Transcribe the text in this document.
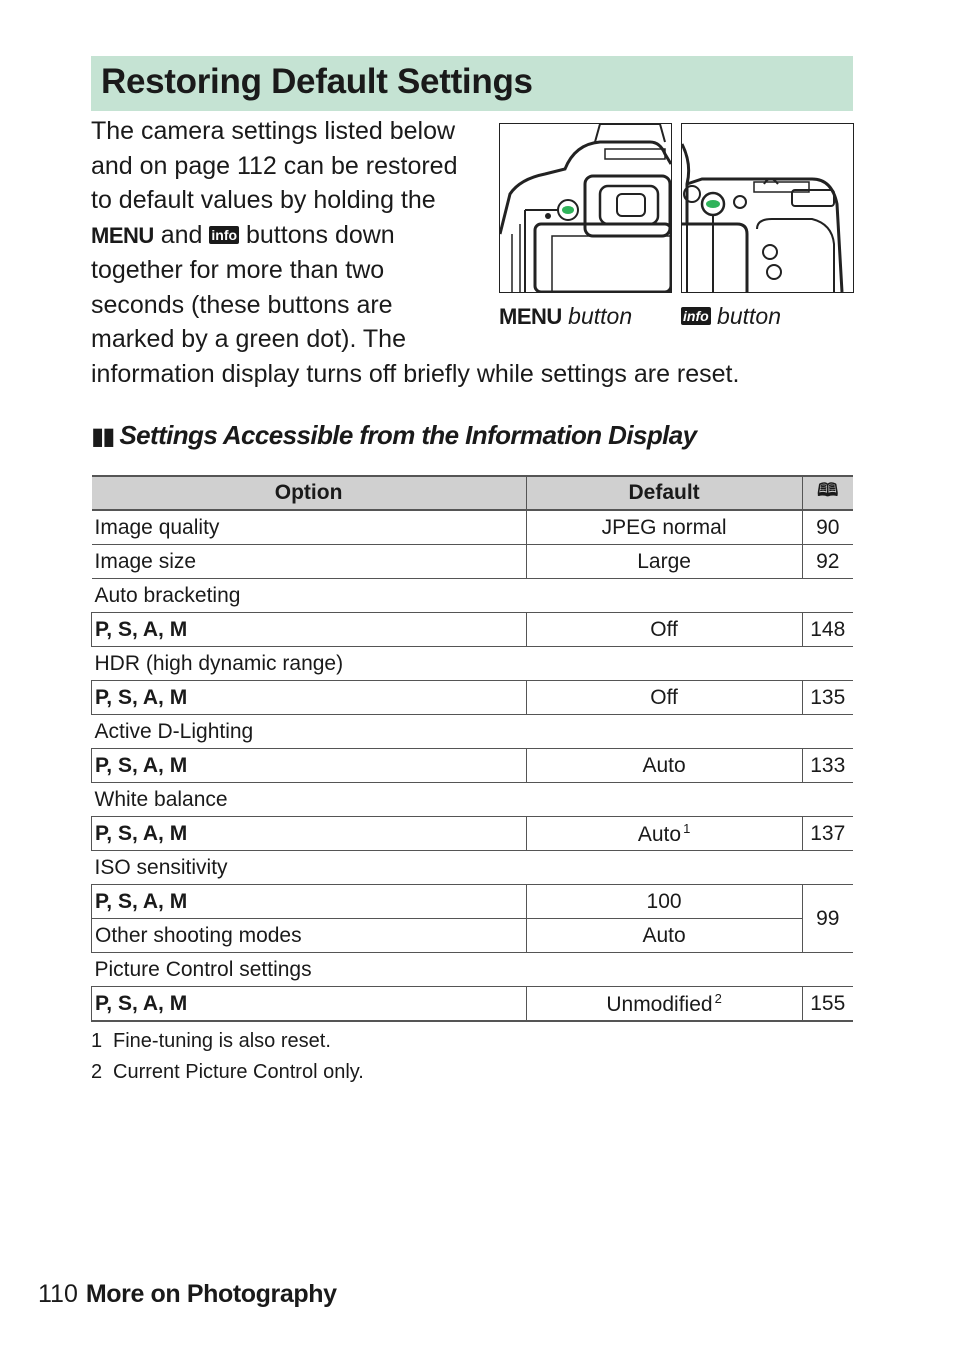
Restoring Default Settings
The camera settings listed below
and on page 112 can be restored
to default values by holding the
MENU and info buttons down
together for more than two
seconds (these buttons are
marked by a green dot). The
information display turns off briefly while settings are reset.
MENU button	info button
▮▮ Settings Accessible from the Information Display
Option	Default	🕮
Image quality	JPEG normal	90
Image size	Large	92
Auto bracketing		
P, S, A, M	Off	148
HDR (high dynamic range)		
P, S, A, M	Off	135
Active D-Lighting		
P, S, A, M	Auto	133
White balance		
P, S, A, M	Auto $^1$	137
ISO sensitivity		
P, S, A, M	100	99
Other shooting modes	Auto	
Picture Control settings		
P, S, A, M	Unmodified $^2$	155
1 Fine-tuning is also reset.
2 Current Picture Control only.
110 More on Photography
